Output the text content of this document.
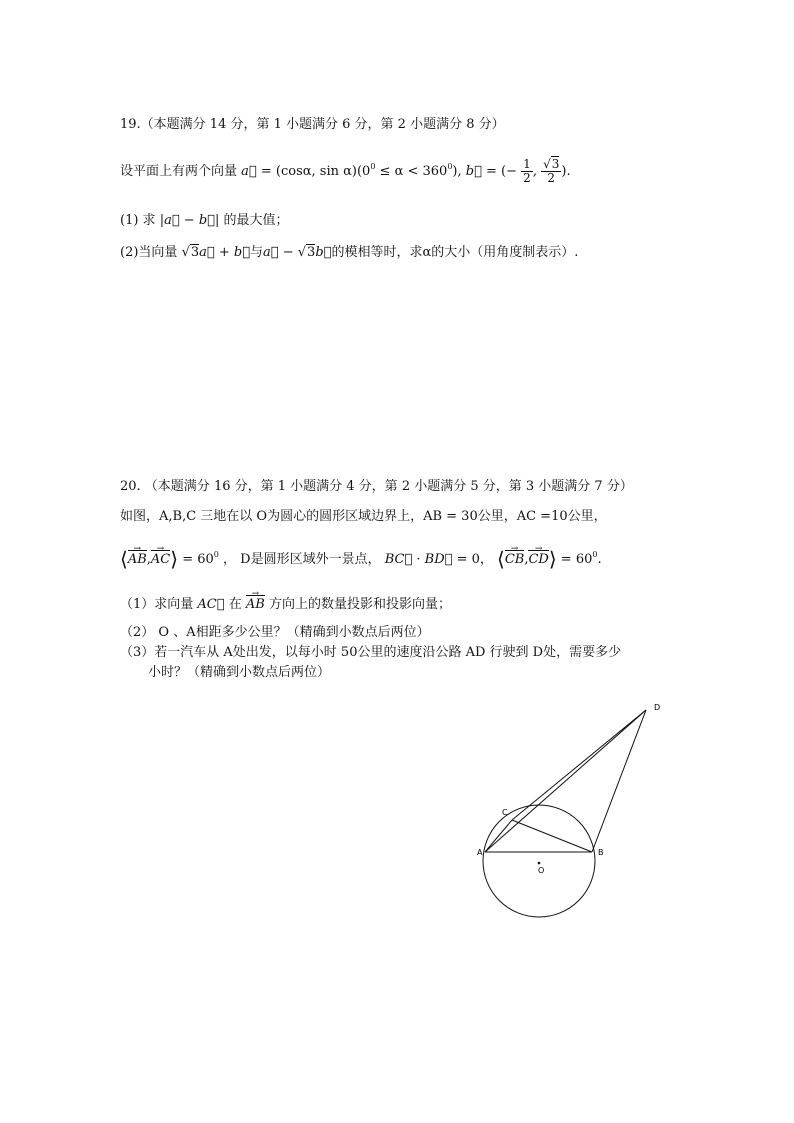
19.（本题满分 14 分，第 1 小题满分 6 分，第 2 小题满分 8 分）
设平面上有两个向量 a⃗ = (cosα, $\sin \alpha)(0^0 \le \alpha < 360^0)$, b⃗ = (− $\frac{1}{2}$ , $\frac{√3}{2}$ ).
(1) 求 |a⃗ − b⃗| 的最大值；
(2)当向量 √3a⃗ + b⃗与a⃗ − √3b⃗的模相等时，求α的大小（用角度制表示）.
20. （本题满分 16 分，第 1 小题满分 4 分，第 2 小题满分 5 分，第 3 小题满分 7 分）
如图，A,B,C 三地在以 O为圆心的圆形区域边界上，AB = 30公里，AC =10公里，
⟨AB →,AC →⟩ = $60^0$ ， D是圆形区域外一景点， BC⃗ · BD⃗ = 0， ⟨CB →,CD →⟩ = $60^0$.
（1）求向量 AC⃗ 在 AB → 方向上的数量投影和投影向量；
（2） O 、A相距多少公里？（精确到小数点后两位）
（3）若一汽车从 A处出发，以每小时 50公里的速度沿公路 AD 行驶到 D处，需要多少
小时？（精确到小数点后两位）
A	B
C
D
O
